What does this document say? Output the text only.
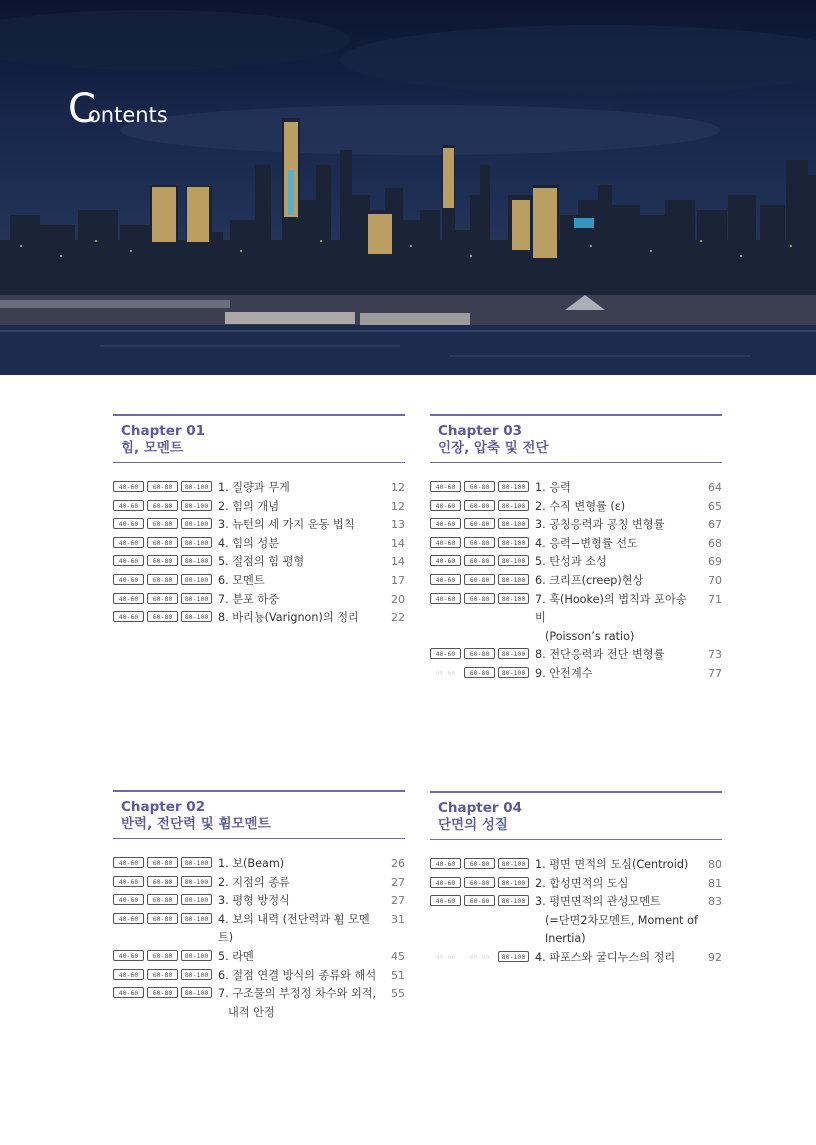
Contents
Chapter 01
힘, 모멘트
40-60	60-80	80-100 1. 질량과 무게	12
40-60	60-80	80-100 2. 힘의 개념	12
40-60	60-80	80-100 3. 뉴턴의 세 가지 운동 법칙	13
40-60	60-80	80-100 4. 힘의 성분	14
40-60	60-80	80-100 5. 절점의 힘 평형	14
40-60	60-80	80-100 6. 모멘트	17
40-60	60-80	80-100 7. 분포 하중	20
40-60	60-80	80-100 8. 바리뇽(Varignon)의 정리	22
Chapter 03
인장, 압축 및 전단
40-60	60-80	80-100 1. 응력	64
40-60	60-80	80-100 2. 수직 변형률 (ε)	65
40-60	60-80	80-100 3. 공칭응력과 공칭 변형률	67
40-60	60-80	80-100 4. 응력−변형률 선도	68
40-60	60-80	80-100 5. 탄성과 소성	69
40-60	60-80	80-100 6. 크리프(creep)현상	70
40-60	60-80	80-100 7. 훅(Hooke)의 법칙과 포아송 비
(Poisson’s ratio)
71
40-60	60-80	80-100 8. 전단응력과 전단 변형률	73
40-60	60-80	80-100 9. 안전계수	77
Chapter 02
반력, 전단력 및 휨모멘트
40-60	60-80	80-100 1. 보(Beam)	26
40-60	60-80	80-100 2. 지점의 종류	27
40-60	60-80	80-100 3. 평형 방정식	27
40-60	60-80	80-100 4. 보의 내력 (전단력과 휨 모멘트)
31
40-60	60-80	80-100 5. 라멘	45
40-60	60-80	80-100 6. 절점 연결 방식의 종류와 해석	51
40-60	60-80	80-100 7. 구조물의 부정정 차수와 외적,
내적 안정
55
Chapter 04
단면의 성질
40-60	60-80	80-100 1. 평면 면적의 도심(Centroid)	80
40-60	60-80	80-100 2. 합성면적의 도심	81
40-60	60-80	80-100 3. 평면면적의 관성모멘트
(=단면2차모멘트, Moment of
Inertia)
83
40-60	60-80	80-100 4. 파포스와 굴디누스의 정리	92
